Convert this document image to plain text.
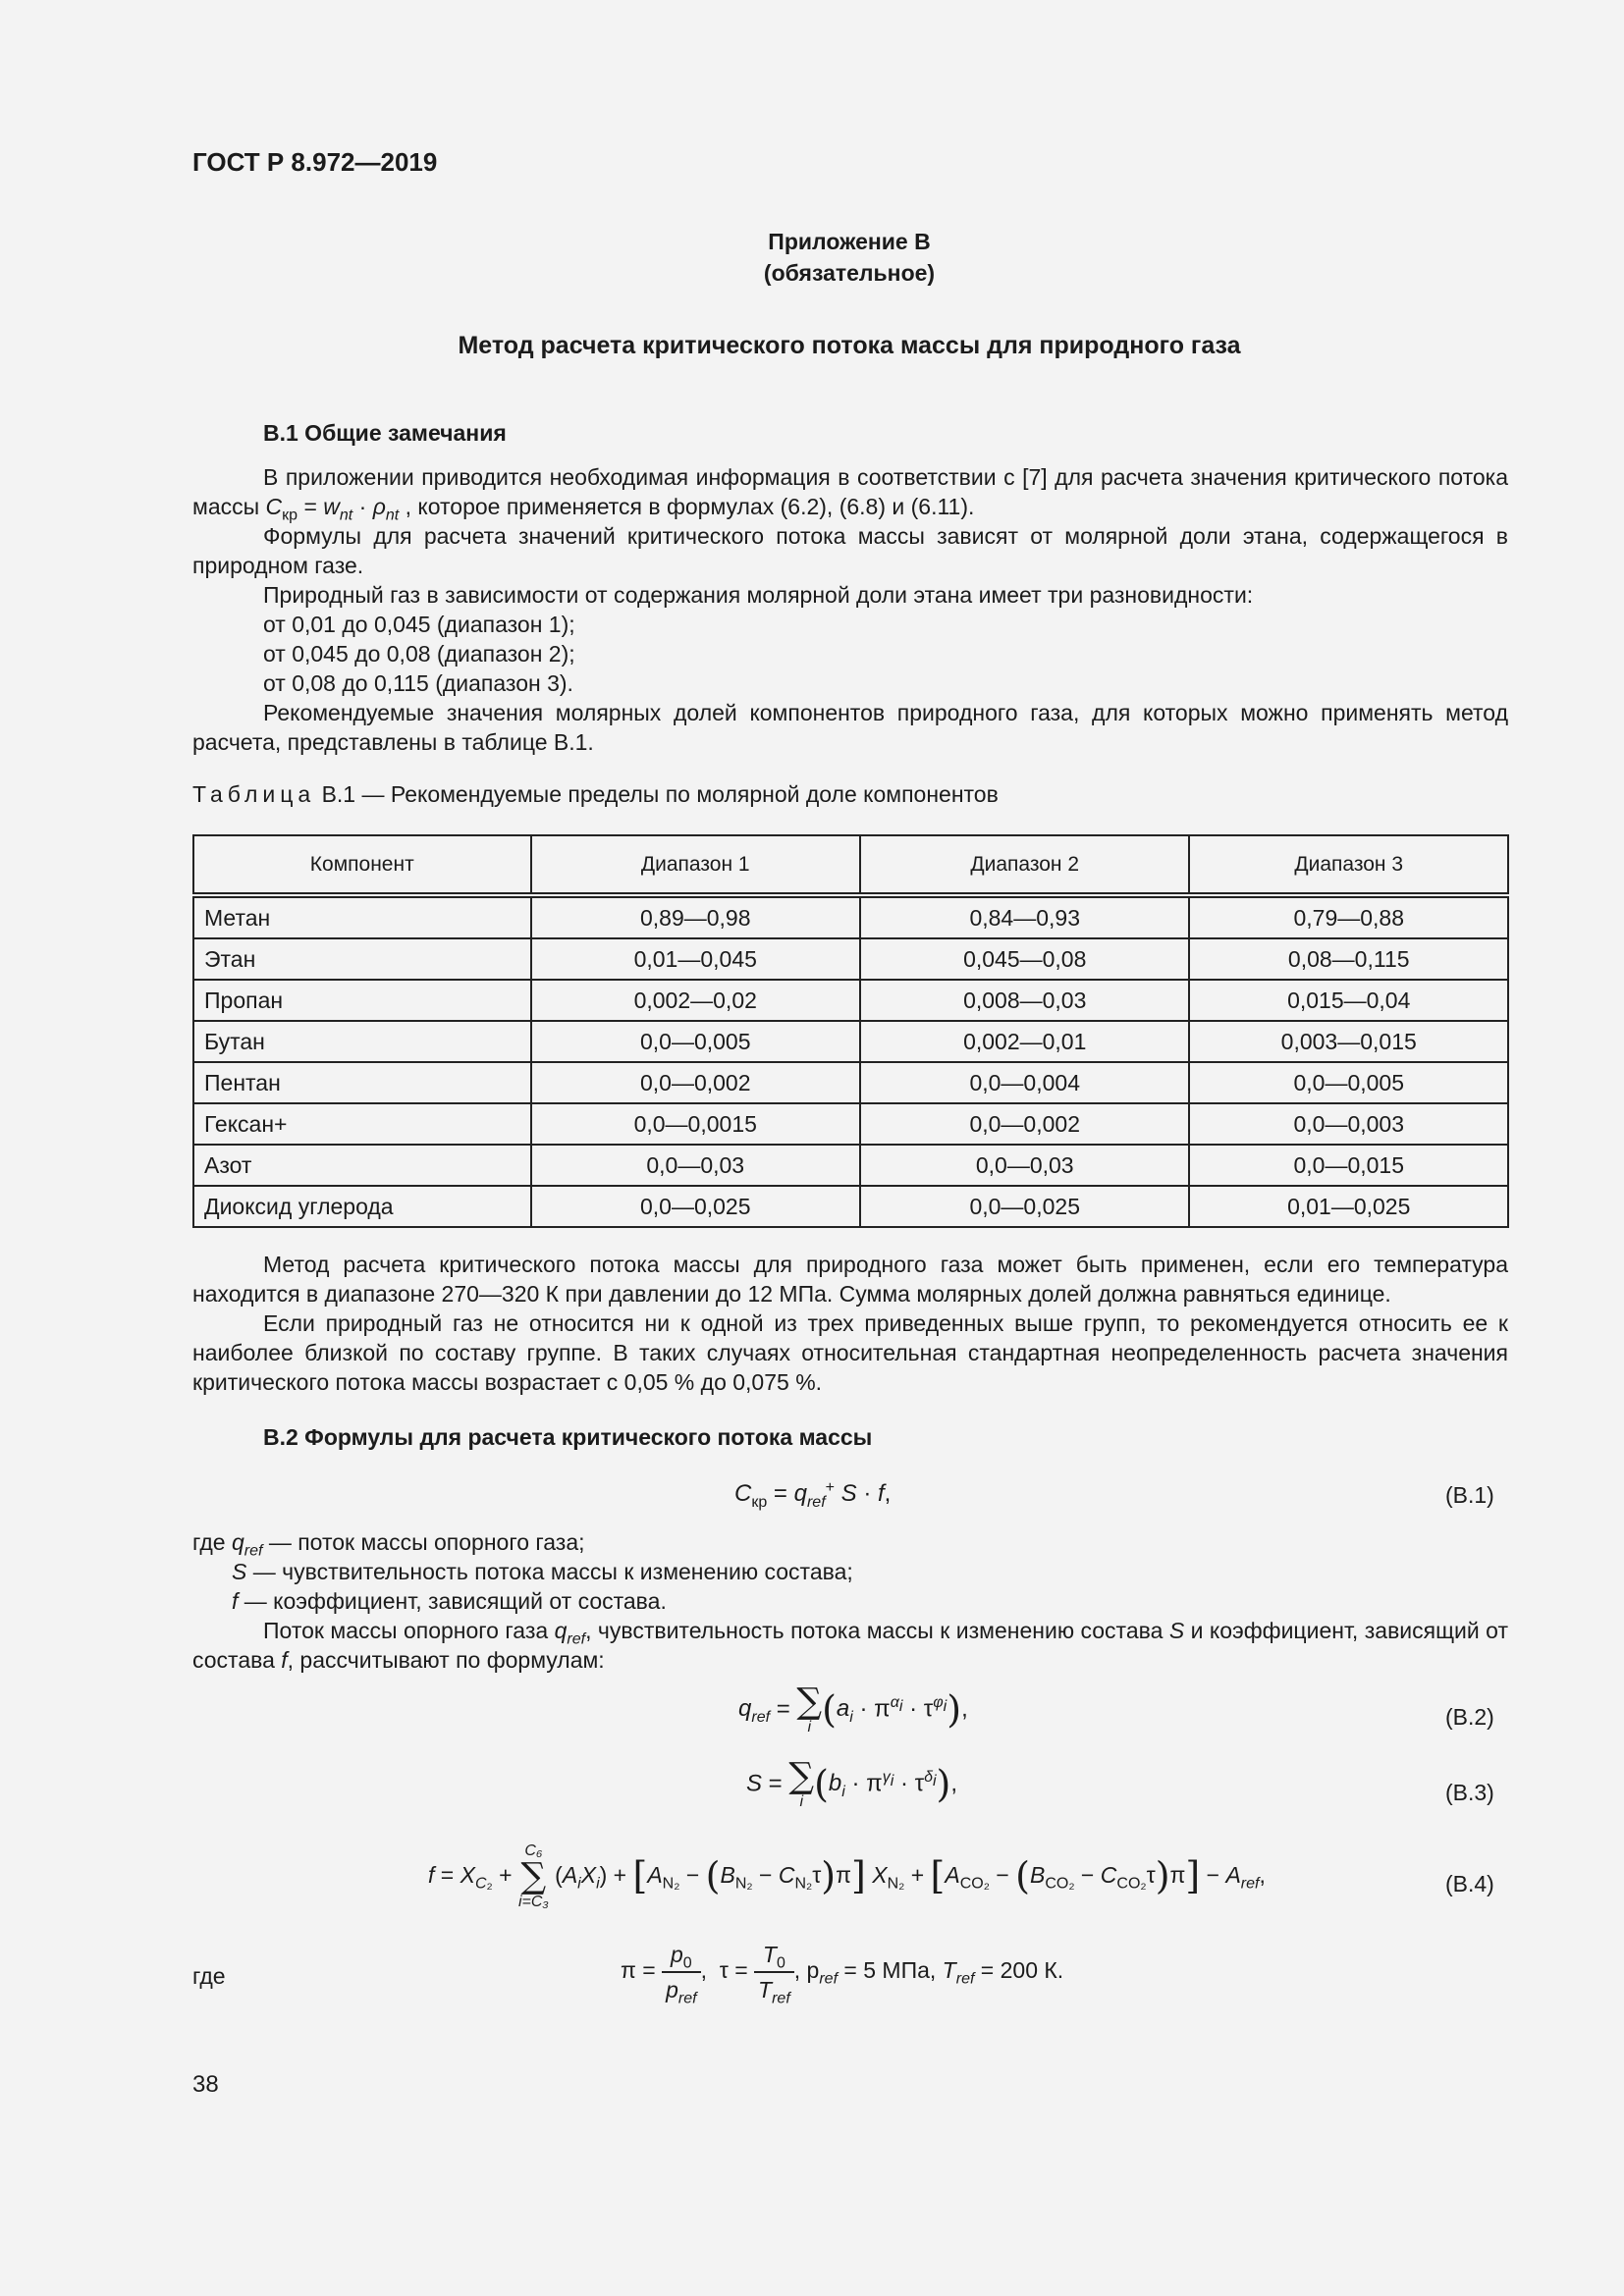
ГОСТ Р 8.972—2019
Приложение В
(обязательное)
Метод расчета критического потока массы для природного газа
В.1 Общие замечания
В приложении приводится необходимая информация в соответствии с [7] для расчета значения критического потока массы $C_{кр} = w_{nt} \cdot \rho_{nt}$ , которое применяется в формулах (6.2), (6.8) и (6.11).
Формулы для расчета значений критического потока массы зависят от молярной доли этана, содержащегося в природном газе.
Природный газ в зависимости от содержания молярной доли этана имеет три разновидности:
от 0,01 до 0,045 (диапазон 1);
от 0,045 до 0,08 (диапазон 2);
от 0,08 до 0,115 (диапазон 3).
Рекомендуемые значения молярных долей компонентов природного газа, для которых можно применять метод расчета, представлены в таблице В.1.
Таблица В.1 — Рекомендуемые пределы по молярной доле компонентов
Компонент	Диапазон 1	Диапазон 2	Диапазон 3
Метан	0,89—0,98	0,84—0,93	0,79—0,88
Этан	0,01—0,045	0,045—0,08	0,08—0,115
Пропан	0,002—0,02	0,008—0,03	0,015—0,04
Бутан	0,0—0,005	0,002—0,01	0,003—0,015
Пентан	0,0—0,002	0,0—0,004	0,0—0,005
Гексан+	0,0—0,0015	0,0—0,002	0,0—0,003
Азот	0,0—0,03	0,0—0,03	0,0—0,015
Диоксид углерода	0,0—0,025	0,0—0,025	0,01—0,025
Метод расчета критического потока массы для природного газа может быть применен, если его температура находится в диапазоне 270—320 К при давлении до 12 МПа. Сумма молярных долей должна равняться единице.
Если природный газ не относится ни к одной из трех приведенных выше групп, то рекомендуется относить ее к наиболее близкой по составу группе. В таких случаях относительная стандартная неопределенность расчета значения критического потока массы возрастает с 0,05 % до 0,075 %.
В.2 Формулы для расчета критического потока массы
$C_{кр} = q_{ref}^+$ S · f,	(В.1)
где $q_{ref}$ — поток массы опорного газа;
S — чувствительность потока массы к изменению состава;
f — коэффициент, зависящий от состава.
Поток массы опорного газа $q_{ref}$, чувствительность потока массы к изменению состава S и коэффициент, зависящий от состава f, рассчитывают по формулам:
$q_{ref}$ = ∑
i $(a_i \cdot \pi^{\alpha_i} \cdot \tau^{\varphi_i})$,	(В.2)
S = ∑
i $(b_i \cdot \pi^{\gamma_i} \cdot \tau^{\delta_i})$,	(В.3)
$f = X_{C_2}$ +
C₆
∑
i=C₃
$(A_iX_i) + [A_{N_2} - (B_{N_2} - C_{N_2}\tau)\pi] X_{N_2} + [A_{CO_2} - (B_{CO_2} - C_{CO_2}\tau)\pi] - A_{ref}$,	(В.4)
где	$\pi = \frac{p_0}{p_{ref}}$ ,  $\tau = \frac{T_0}{T_{ref}}$ , $p_{ref} = 5$ МПа, $T_{ref} = 200$ К.
38
